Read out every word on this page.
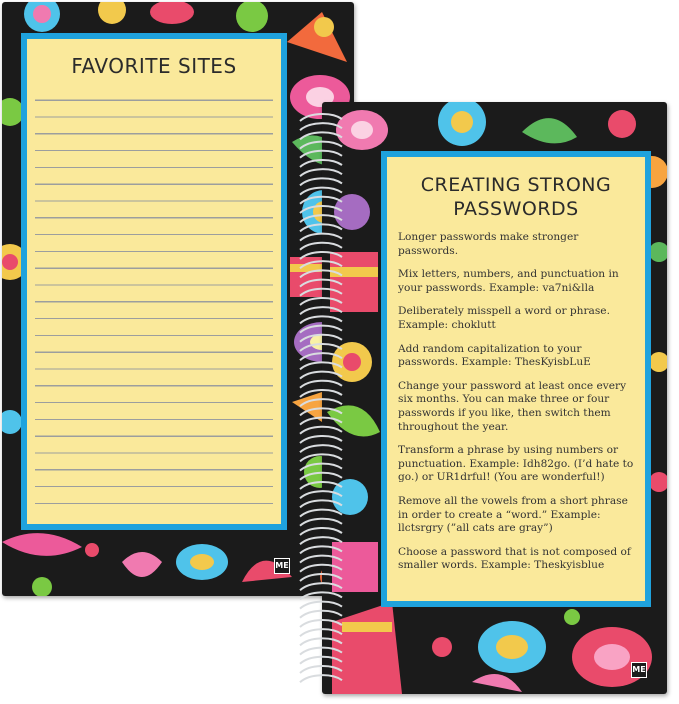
FAVORITE SITES
ME
CREATING STRONG
PASSWORDS
Longer passwords make stronger passwords.
Mix letters, numbers, and punctuation in your passwords. Example: va7ni&lla
Deliberately misspell a word or phrase. Example: choklutt
Add random capitalization to your passwords. Example: ThesKyisbLuE
Change your password at least once every six months. You can make three or four passwords if you like, then switch them throughout the year.
Transform a phrase by using numbers or punctuation. Example: Idh82go. (I’d hate to go.) or UR1drful! (You are wonderful!)
Remove all the vowels from a short phrase in order to create a “word.” Example: llctsrgry (”all cats are gray”)
Choose a password that is not composed of smaller words. Example: Theskyisblue
ME
